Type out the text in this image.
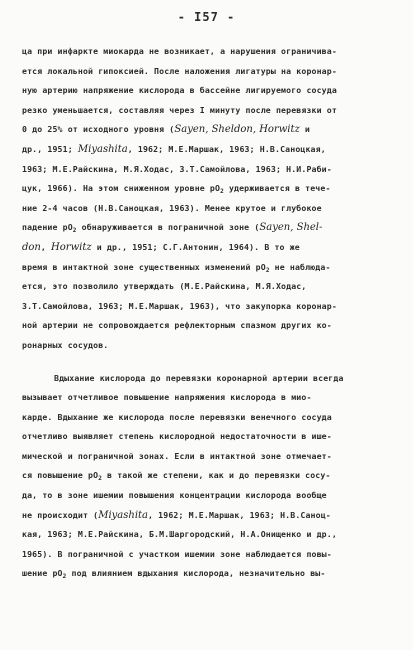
- I57 -
ца при инфаркте миокарда не возникает, а нарушения ограничива-
ется локальной гипоксией. После наложения лигатуры на коронар-
ную артерию напряжение кислорода в бассейне лигируемого сосуда
резко уменьшается, составляя через I минуту после перевязки от
0 до 25% от исходного уровня (Sayen, Sheldon, Horwitz и
др., 1951; Miyashita, 1962; М.Е.Маршак, 1963; Н.В.Саноцкая,
1963; М.Е.Райскина, М.Я.Ходас, З.Т.Самойлова, 1963; Н.И.Раби-
цук, 1966). На этом сниженном уровне $pO_2$ удерживается в тече-
ние 2-4 часов (Н.В.Саноцкая, 1963). Менее крутое и глубокое
падение $pO_2$ обнаруживается в пограничной зоне (Sayen, Shel-
don, Horwitz и др., 1951; С.Г.Антонин, 1964). В то же
время в интактной зоне существенных изменений $pO_2$ не наблюда-
ется, это позволило утверждать (М.Е.Райскина, М.Я.Ходас,
З.Т.Самойлова, 1963; М.Е.Маршак, 1963), что закупорка коронар-
ной артерии не сопровождается рефлекторным спазмом других ко-
ронарных сосудов.
Вдыхание кислорода до перевязки коронарной артерии всегда
вызывает отчетливое повышение напряжения кислорода в мио-
карде. Вдыхание же кислорода после перевязки венечного сосуда
отчетливо выявляет степень кислородной недостаточности в ише-
мической и пограничной зонах. Если в интактной зоне отмечает-
ся повышение $pO_2$ в такой же степени, как и до перевязки сосу-
да, то в зоне ишемии повышения концентрации кислорода вообще
не происходит (Miyashita, 1962; М.Е.Маршак, 1963; Н.В.Саноц-
кая, 1963; М.Е.Райскина, Б.М.Шаргородский, Н.А.Онищенко и др.,
1965). В пограничной с участком ишемии зоне наблюдается повы-
шение $pO_2$ под влиянием вдыхания кислорода, незначительно вы-
